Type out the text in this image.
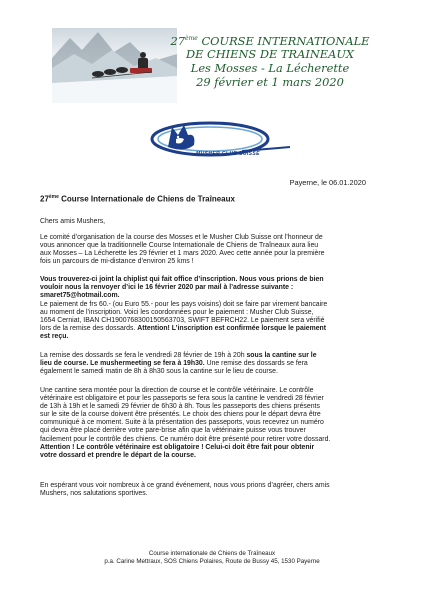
27ème COURSE INTERNATIONALE
DE CHIENS DE TRAINEAUX
Les Mosses - La Lécherette
29 février et 1 mars 2020
MUSHER CLUB SUISSE
Payerne, le 06.01.2020
27ème Course Internationale de Chiens de Traîneaux
Chers amis Mushers,
Le comité d’organisation de la course des Mosses et le Musher Club Suisse ont l’honneur de
vous annoncer que la traditionnelle Course Internationale de Chiens de Traîneaux aura lieu
aux Mosses – La Lécherette les 29 février et 1 mars 2020. Avec cette année pour la première
fois un parcours de mi-distance d’environ 25 kms !
Vous trouverez-ci joint la chiplist qui fait office d’inscription. Nous vous prions de bien
vouloir nous la renvoyer d’ici le 16 février 2020 par mail à l’adresse suivante :
smaret75@hotmail.com.
Le paiement de frs 60.- (ou Euro 55.- pour les pays voisins) doit se faire par virement bancaire
au moment de l’inscription. Voici les coordonnées pour le paiement : Musher Club Suisse,
1654 Cerniat, IBAN CH1900768300150563703, SWIFT BEFRCH22. Le paiement sera vérifié
lors de la remise des dossards. Attention! L’inscription est confirmée lorsque le paiement
est reçu.
La remise des dossards se fera le vendredi 28 février de 19h à 20h sous la cantine sur le
lieu de course. Le mushermeeting se fera à 19h30. Une remise des dossards se fera
également le samedi matin de 8h à 8h30 sous la cantine sur le lieu de course.
Une cantine sera montée pour la direction de course et le contrôle vétérinaire. Le contrôle
vétérinaire est obligatoire et pour les passeports se fera sous la cantine le vendredi 28 février
de 13h à 19h et le samedi 29 février de 6h30 à 8h. Tous les passeports des chiens présents
sur le site de la course doivent être présentés. Le choix des chiens pour le départ devra être
communiqué à ce moment. Suite à la présentation des passeports, vous recevrez un numéro
qui devra être placé derrière votre pare-brise afin que la vétérinaire puisse vous trouver
facilement pour le contrôle des chiens. Ce numéro doit être présenté pour retirer votre dossard.
Attention ! Le contrôle vétérinaire est obligatoire ! Celui-ci doit être fait pour obtenir
votre dossard et prendre le départ de la course.
En espérant vous voir nombreux à ce grand événement, nous vous prions d’agréer, chers amis
Mushers, nos salutations sportives.
Course internationale de Chiens de Traîneaux
p.a. Carine Mettraux, SOS Chiens Polaires, Route de Bussy 45, 1530 Payerne
